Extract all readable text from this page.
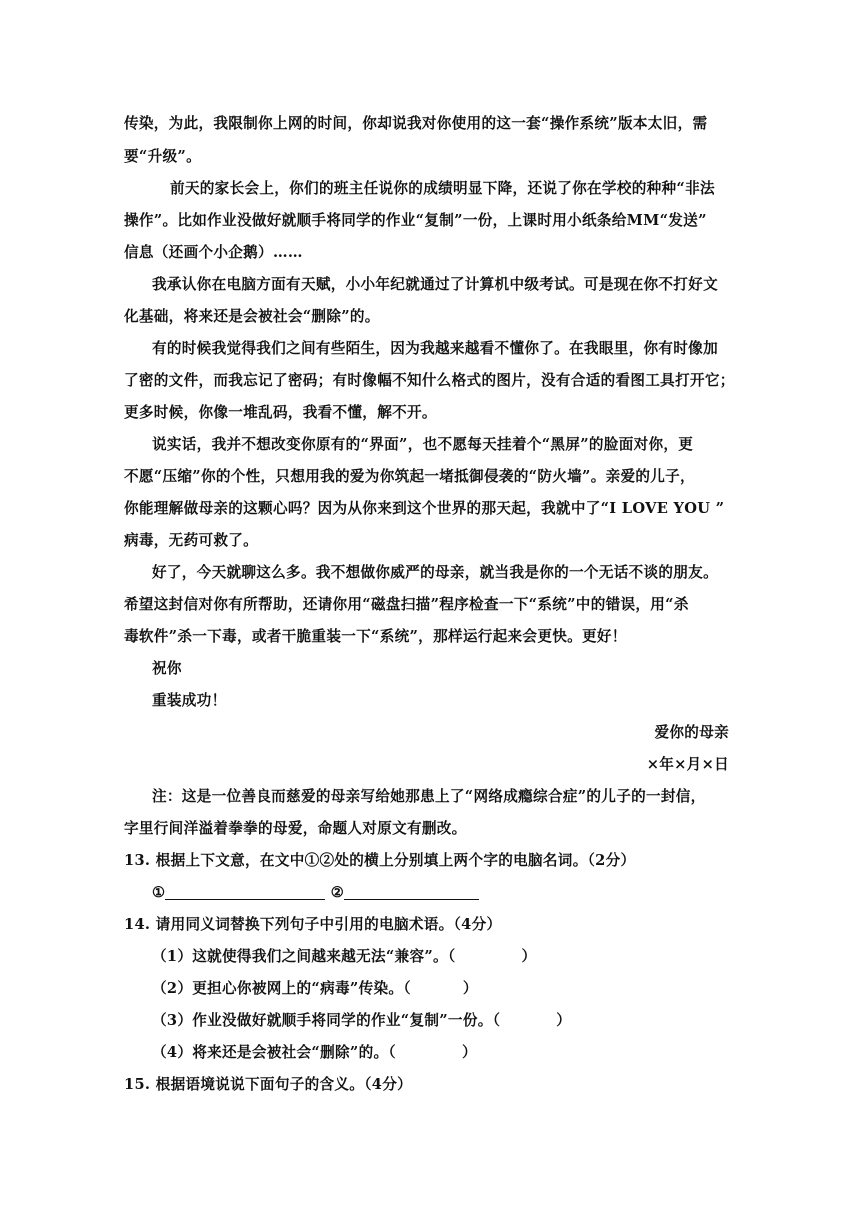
传染，为此，我限制你上网的时间，你却说我对你使用的这一套“操作系统”版本太旧，需
要“升级”。
前天的家长会上，你们的班主任说你的成绩明显下降，还说了你在学校的种种“非法
操作”。比如作业没做好就顺手将同学的作业“复制”一份，上课时用小纸条给MM“发送”
信息（还画个小企鹅）……
我承认你在电脑方面有天赋，小小年纪就通过了计算机中级考试。可是现在你不打好文
化基础，将来还是会被社会“删除”的。
有的时候我觉得我们之间有些陌生，因为我越来越看不懂你了。在我眼里，你有时像加
了密的文件，而我忘记了密码；有时像幅不知什么格式的图片，没有合适的看图工具打开它；
更多时候，你像一堆乱码，我看不懂，解不开。
说实话，我并不想改变你原有的“界面”，也不愿每天挂着个“黑屏”的脸面对你，更
不愿“压缩”你的个性，只想用我的爱为你筑起一堵抵御侵袭的“防火墙”。亲爱的儿子，
你能理解做母亲的这颗心吗？因为从你来到这个世界的那天起，我就中了“I LOVE YOU ”
病毒，无药可救了。
好了，今天就聊这么多。我不想做你威严的母亲，就当我是你的一个无话不谈的朋友。
希望这封信对你有所帮助，还请你用“磁盘扫描”程序检查一下“系统”中的错误，用“杀
毒软件”杀一下毒，或者干脆重装一下“系统”，那样运行起来会更快。更好！
祝你
重装成功！
爱你的母亲
×年×月×日
注：这是一位善良而慈爱的母亲写给她那患上了“网络成瘾综合症”的儿子的一封信，
字里行间洋溢着拳拳的母爱，命题人对原文有删改。
13. 根据上下文意，在文中①②处的横上分别填上两个字的电脑名词。（2分）
①	②
14. 请用同义词替换下列句子中引用的电脑术语。（4分）
（1）这就使得我们之间越来越无法“兼容”。（	）
（2）更担心你被网上的“病毒”传染。（	）
（3）作业没做好就顺手将同学的作业“复制”一份。（	）
（4）将来还是会被社会“删除”的。（	）
15. 根据语境说说下面句子的含义。（4分）
